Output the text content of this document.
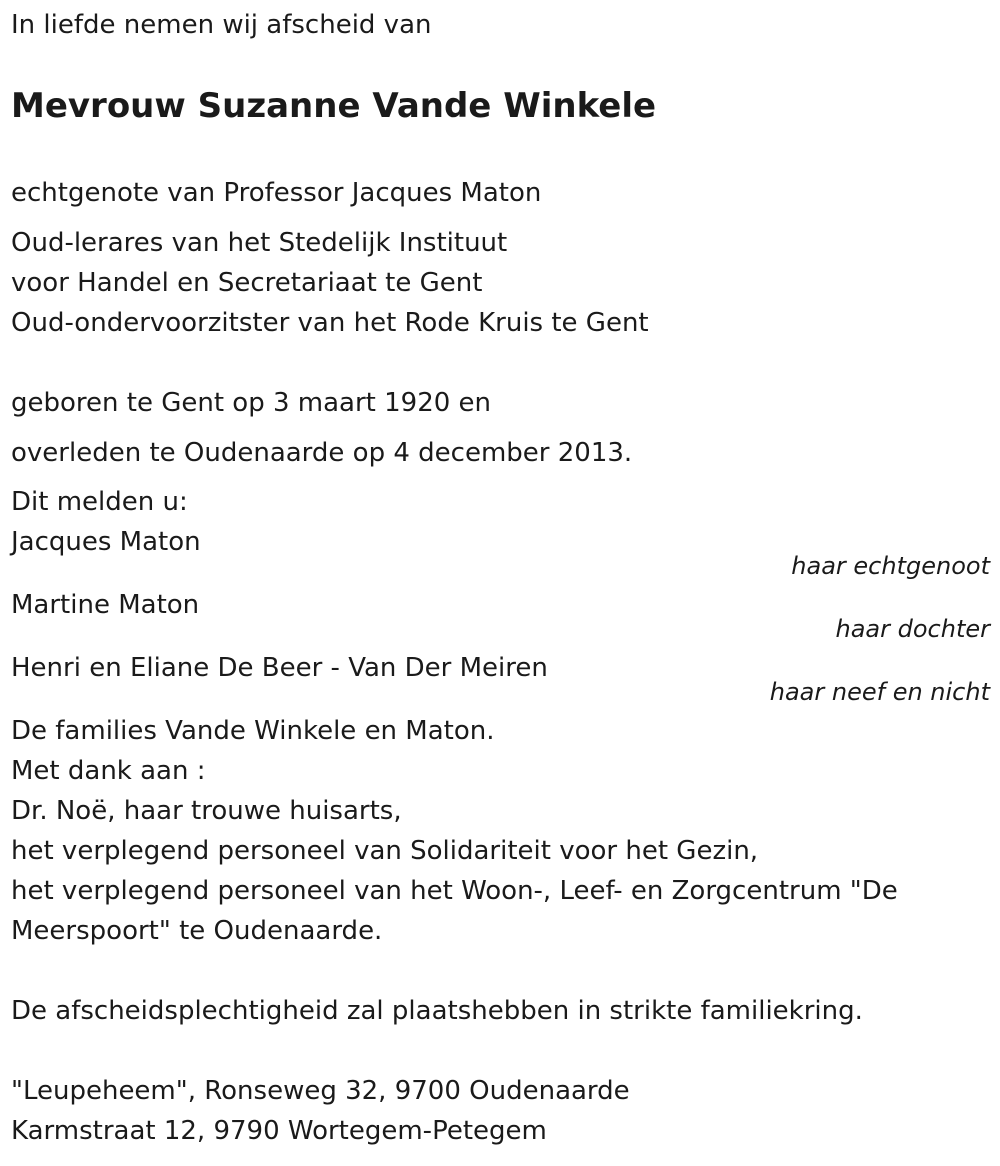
In liefde nemen wij afscheid van
Mevrouw Suzanne Vande Winkele
echtgenote van Professor Jacques Maton
Oud-lerares van het Stedelijk Instituut
voor Handel en Secretariaat te Gent
Oud-ondervoorzitster van het Rode Kruis te Gent
geboren te Gent op 3 maart 1920 en
overleden te Oudenaarde op 4 december 2013.
Dit melden u:
Jacques Maton
haar echtgenoot
Martine Maton
haar dochter
Henri en Eliane De Beer - Van Der Meiren
haar neef en nicht
De families Vande Winkele en Maton.
Met dank aan :
Dr. Noë, haar trouwe huisarts,
het verplegend personeel van Solidariteit voor het Gezin,
het verplegend personeel van het Woon-, Leef- en Zorgcentrum "De
Meerspoort" te Oudenaarde.
De afscheidsplechtigheid zal plaatshebben in strikte familiekring.
"Leupeheem", Ronseweg 32, 9700 Oudenaarde
Karmstraat 12, 9790 Wortegem-Petegem
